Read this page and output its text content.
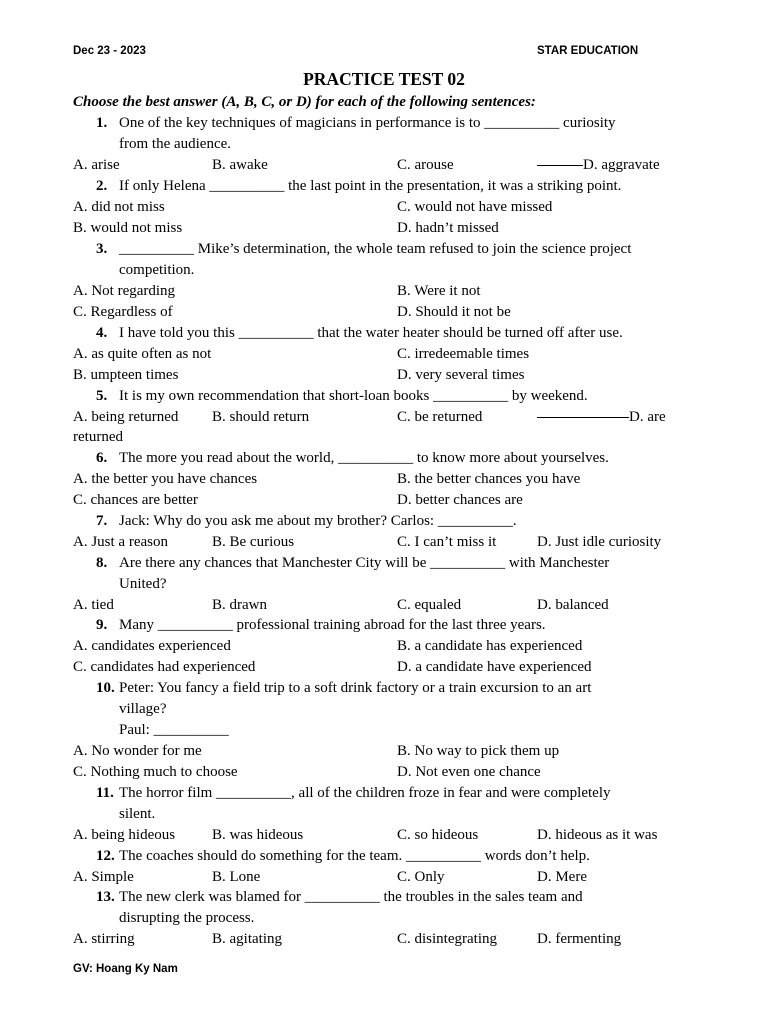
Dec 23 - 2023	STAR EDUCATION
PRACTICE TEST 02
Choose the best answer (A, B, C, or D) for each of the following sentences:
1. One of the key techniques of magicians in performance is to __________ curiosity
from the audience.
A. arise	B. awake	C. arouse	D. aggravate
2. If only Helena __________ the last point in the presentation, it was a striking point.
A. did not miss	C. would not have missed
B. would not miss	D. hadn’t missed
3. __________ Mike’s determination, the whole team refused to join the science project
competition.
A. Not regarding	B. Were it not
C. Regardless of	D. Should it not be
4. I have told you this __________ that the water heater should be turned off after use.
A. as quite often as not	C. irredeemable times
B. umpteen times	D. very several times
5. It is my own recommendation that short-loan books __________ by weekend.
A. being returned B. should return	C. be returned	D. are
returned
6. The more you read about the world, __________ to know more about yourselves.
A. the better you have chances	B. the better chances you have
C. chances are better	D. better chances are
7. Jack: Why do you ask me about my brother? Carlos: __________.
A. Just a reason	B. Be curious	C. I can’t miss it	D. Just idle curiosity
8. Are there any chances that Manchester City will be __________ with Manchester
United?
A. tied	B. drawn	C. equaled	D. balanced
9. Many __________ professional training abroad for the last three years.
A. candidates experienced	B. a candidate has experienced
C. candidates had experienced	D. a candidate have experienced
10. Peter: You fancy a field trip to a soft drink factory or a train excursion to an art
village?
Paul: __________
A. No wonder for me	B. No way to pick them up
C. Nothing much to choose	D. Not even one chance
11. The horror film __________, all of the children froze in fear and were completely
silent.
A. being hideous B. was hideous	C. so hideous	D. hideous as it was
12. The coaches should do something for the team. __________ words don’t help.
A. Simple	B. Lone	C. Only	D. Mere
13. The new clerk was blamed for __________ the troubles in the sales team and
disrupting the process.
A. stirring	B. agitating	C. disintegrating	D. fermenting
GV: Hoang Ky Nam
